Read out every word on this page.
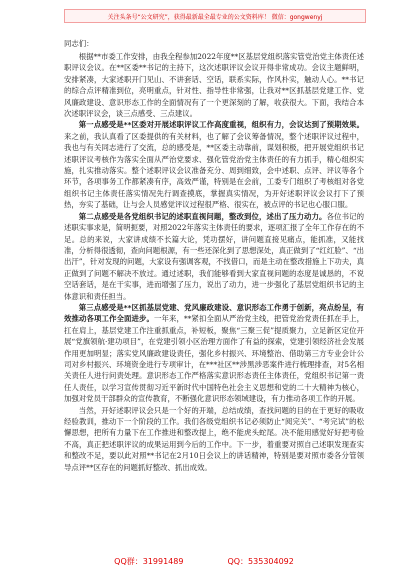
关注头条号“公文研究”，获得最新最全最专业的公文资料库！ 微信：gongwenyj

同志们：

根据**市委工作安排，由我全程参加2022年度**区基层党组织落实管党治党主体责任述职评议会议。在**区委**书记的主持下，这次述职评议会议开得非常成功。会议主题鲜明，安排紧凑，大家述职开门见山、不讲套话、空话，联系实际，作风朴实，触动人心。**书记的综合点评精准到位，亮明重点，针对性、指导性非常强，让我对**区抓基层党建工作、党风廉政建设、意识形态工作的全面情况有了一个更深刻的了解，收获很大。下面，我结合本次述职评议会，谈三点感受、三点建议。

第一点感受是**区委对开展述职评议工作高度重视，组织有力，会议达到了预期效果。来之前，我认真看了区委提供的有关材料，也了解了会议筹备情况，整个述职评议过程中，我也与有关同志进行了交流，总的感受是，**区委主动靠前，谋划积极，把开展党组织书记述职评议考核作为落实全面从严治党要求、强化管党治党主体责任的有力抓手，精心组织实施，扎实推动落实。整个述职评议会议准备充分、周到细致，会中述职、点评、评议等各个环节，各项事务工作都紧凑有序，高效严谨，特别是在会前，工委专门组织了考核组对各党组织书记主体责任落实情况先行调查摸底，掌握真实情况，为开好述职评议会议打下了预热，夯实了基础，让与会人员感觉评议过程很严格、很实在，被点评的书记也心服口服。

第二点感受是各党组织书记的述职直视问题，整改到位，述出了压力动力。各位书记的述职实事求是，简明扼要，对照2022年落实主体责任的要求，逐项汇报了全年工作存在的不足。总的来说，大家讲成绩不长篇大论，凭功摆好，讲问题直接见痛点，能抓准，又能找准，分析得很透彻，查向问题根源，有一些还深化到了思想深处，真正做到了“红红脸”、“出出汗”，针对发现的问题，大家设有强调客观，不找借口，而是主动在整改措施上下功夫，真正做到了问题不解决不放过。通过述职，我们能够看到大家直视问题的态度是诚恳的，不说空话套话，是在干实事，进而增强了压力，说出了动力，进一步强化了基层党组织书记的主体意识和责任担当。

第三点感受是**区抓基层党建、党风廉政建设、意识形态工作勇于创新，亮点纷呈，有效推动各项工作全面进步。一年来，**紧扣全面从严治党主线，把管党治党责任抓在手上，扛在肩上，基层党建工作注重抓重点，补短板，聚焦“三聚三促”提质聚力，立足新区定位开展“党旗领航·建功项目”，在党建引领小区治理方面作了有益的探索，党建引领经济社会发展作用更加明显；落实党风廉政建设责任，强化乡村振兴、环境整治、借助第三方专业会计公司对乡村振兴、环境资金进行专项审计，在***社区**涉黑涉恶案件进行梳理排查，对5名相关责任人进行问责处理。意识形态工作严格落实意识形态责任主体责任，党组织书记第一责任人责任，以学习宣传贯彻习近平新时代中国特色社会主义思想和党的二十大精神为核心，加强对党员干部群众的宣传教育，不断强化意识形态领域建设，有力推动各项工作的开展。

当然，开好述职评议会只是一个好的开端，总结成绩，查找问题的目的在于更好的吸收经验教训，推动下一个阶段的工作。我们各级党组织书记必须防止“阅完关”、“考完试”的松懈思想，把所有力量下在工作推进和整改提上，绝不能虎头蛇尾。决不能用感觉好好把考验不高，真正把述职评议的成果运用到今后的工作中。下一步，着重要对照自己述职发现查实和整改不足，要以此对照**书记在2月10日会议上的讲话精神，特别是要对照市委各分管领导点评**区存在的问题抓好整改、抓出成效。

QQ群：31991489	QQ：535304092
